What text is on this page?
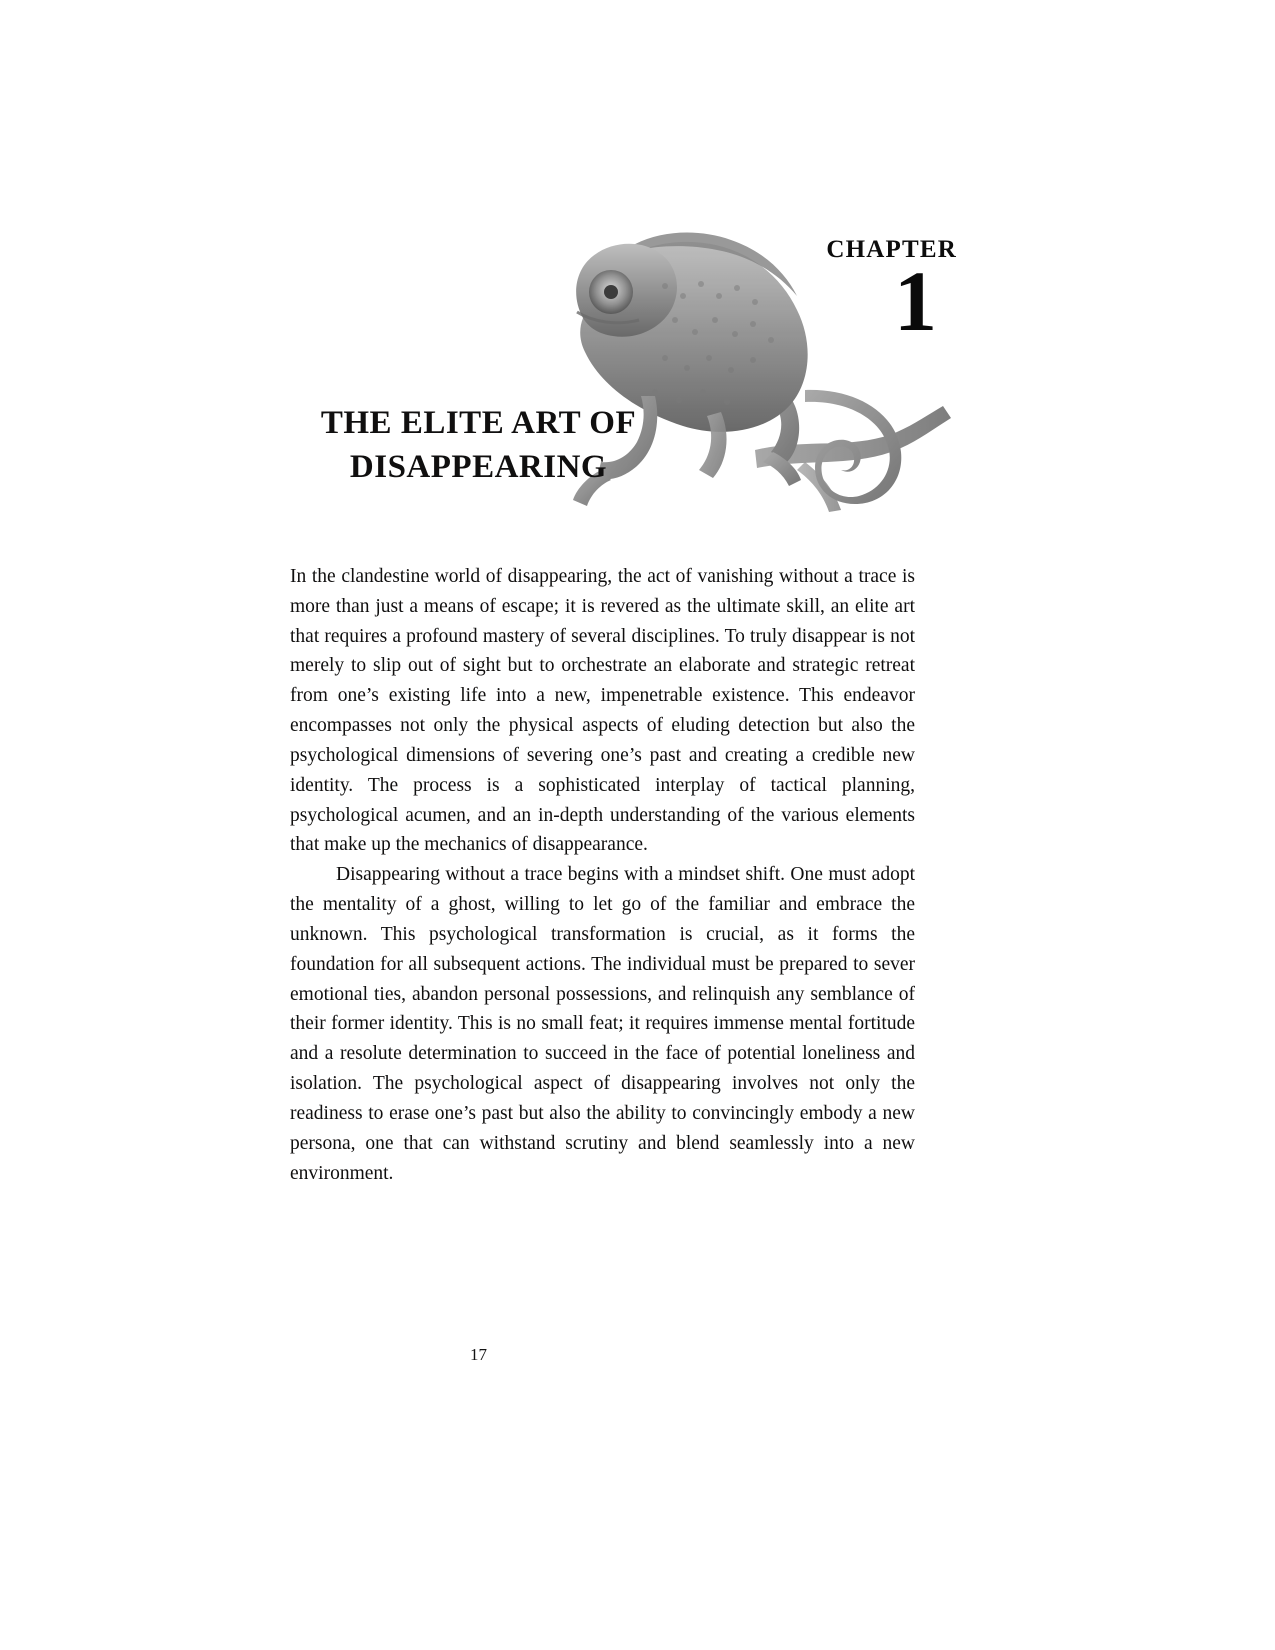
CHAPTER
1
THE ELITE ART OF
DISAPPEARING

In the clandestine world of disappearing, the act of vanishing without a trace is more than just a means of escape; it is revered as the ultimate skill, an elite art that requires a profound mastery of several disciplines. To truly disappear is not merely to slip out of sight but to orchestrate an elaborate and strategic retreat from one’s existing life into a new, impenetrable existence. This endeavor encompasses not only the physical aspects of eluding detection but also the psychological dimensions of severing one’s past and creating a credible new identity. The process is a sophisticated interplay of tactical planning, psychological acumen, and an in-depth understanding of the various elements that make up the mechanics of disappearance.

Disappearing without a trace begins with a mindset shift. One must adopt the mentality of a ghost, willing to let go of the familiar and embrace the unknown. This psychological transformation is crucial, as it forms the foundation for all subsequent actions. The individual must be prepared to sever emotional ties, abandon personal possessions, and relinquish any semblance of their former identity. This is no small feat; it requires immense mental fortitude and a resolute determination to succeed in the face of potential loneliness and isolation. The psychological aspect of disappearing involves not only the readiness to erase one’s past but also the ability to convincingly embody a new persona, one that can withstand scrutiny and blend seamlessly into a new environment.

17
